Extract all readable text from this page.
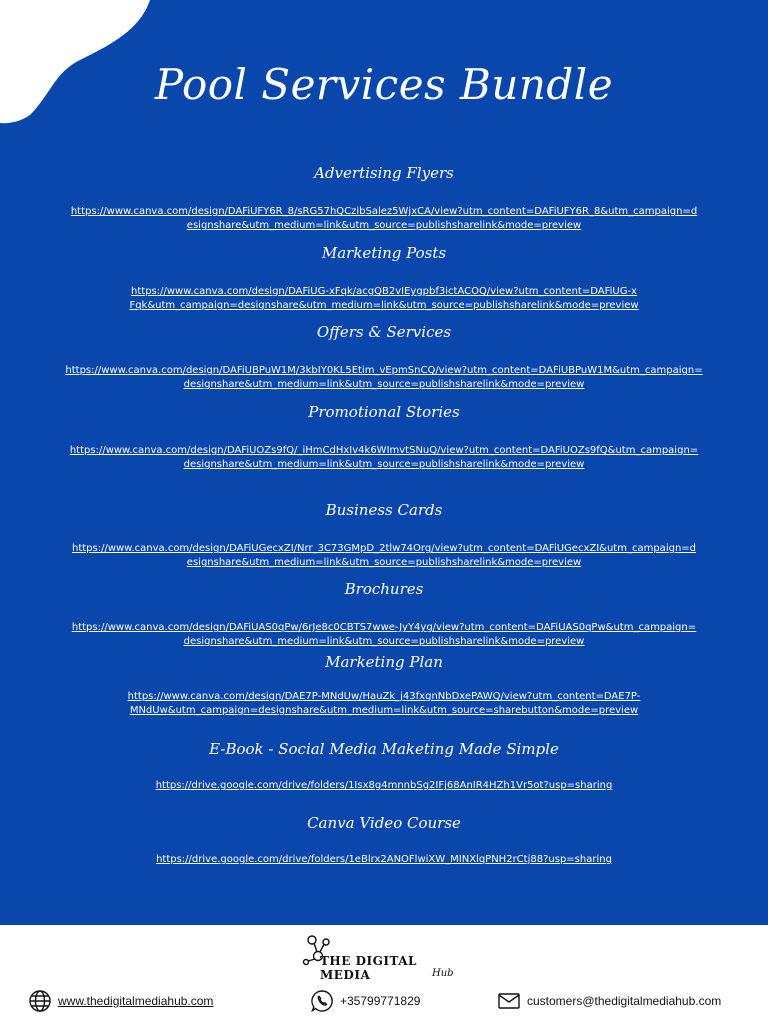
Pool Services Bundle

Advertising Flyers

https://www.canva.com/design/DAFiUFY6R_8/sRG57hQCzibSalez5WjxCA/view?utm_content=DAFiUFY6R_8&utm_campaign=designshare&utm_medium=link&utm_source=publishsharelink&mode=preview

Marketing Posts

https://www.canva.com/design/DAFiUG-xFqk/acgQB2vIEygpbf3ictACOQ/view?utm_content=DAFiUG-xFqk&utm_campaign=designshare&utm_medium=link&utm_source=publishsharelink&mode=preview

Offers & Services

https://www.canva.com/design/DAFiUBPuW1M/3kbIY0KL5Etim_vEpmSnCQ/view?utm_content=DAFiUBPuW1M&utm_campaign=designshare&utm_medium=link&utm_source=publishsharelink&mode=preview

Promotional Stories

https://www.canva.com/design/DAFiUOZs9fQ/_iHmCdHxIv4k6WImvtSNuQ/view?utm_content=DAFiUOZs9fQ&utm_campaign=designshare&utm_medium=link&utm_source=publishsharelink&mode=preview

Business Cards

https://www.canva.com/design/DAFiUGecxZI/Nrr_3C73GMpD_2tlw74Org/view?utm_content=DAFiUGecxZI&utm_campaign=designshare&utm_medium=link&utm_source=publishsharelink&mode=preview

Brochures

https://www.canva.com/design/DAFiUAS0qPw/6rJe8c0CBTS7wwe-JyY4yg/view?utm_content=DAFiUAS0qPw&utm_campaign=designshare&utm_medium=link&utm_source=publishsharelink&mode=preview

Marketing Plan

https://www.canva.com/design/DAE7P-MNdUw/HauZk_j43fxgnNbDxePAWQ/view?utm_content=DAE7P-MNdUw&utm_campaign=designshare&utm_medium=link&utm_source=sharebutton&mode=preview

E-Book - Social Media Maketing Made Simple

https://drive.google.com/drive/folders/1Isx8g4mnnbSg2IFj68AnIR4HZh1Vr5ot?usp=sharing

Canva Video Course

https://drive.google.com/drive/folders/1eBlrx2ANOFlwiXW_MINXlqPNH2rCtj88?usp=sharing
THE DIGITAL MEDIA	Hub
www.thedigitalmediahub.com	+35799771829	customers@thedigitalmediahub.com
